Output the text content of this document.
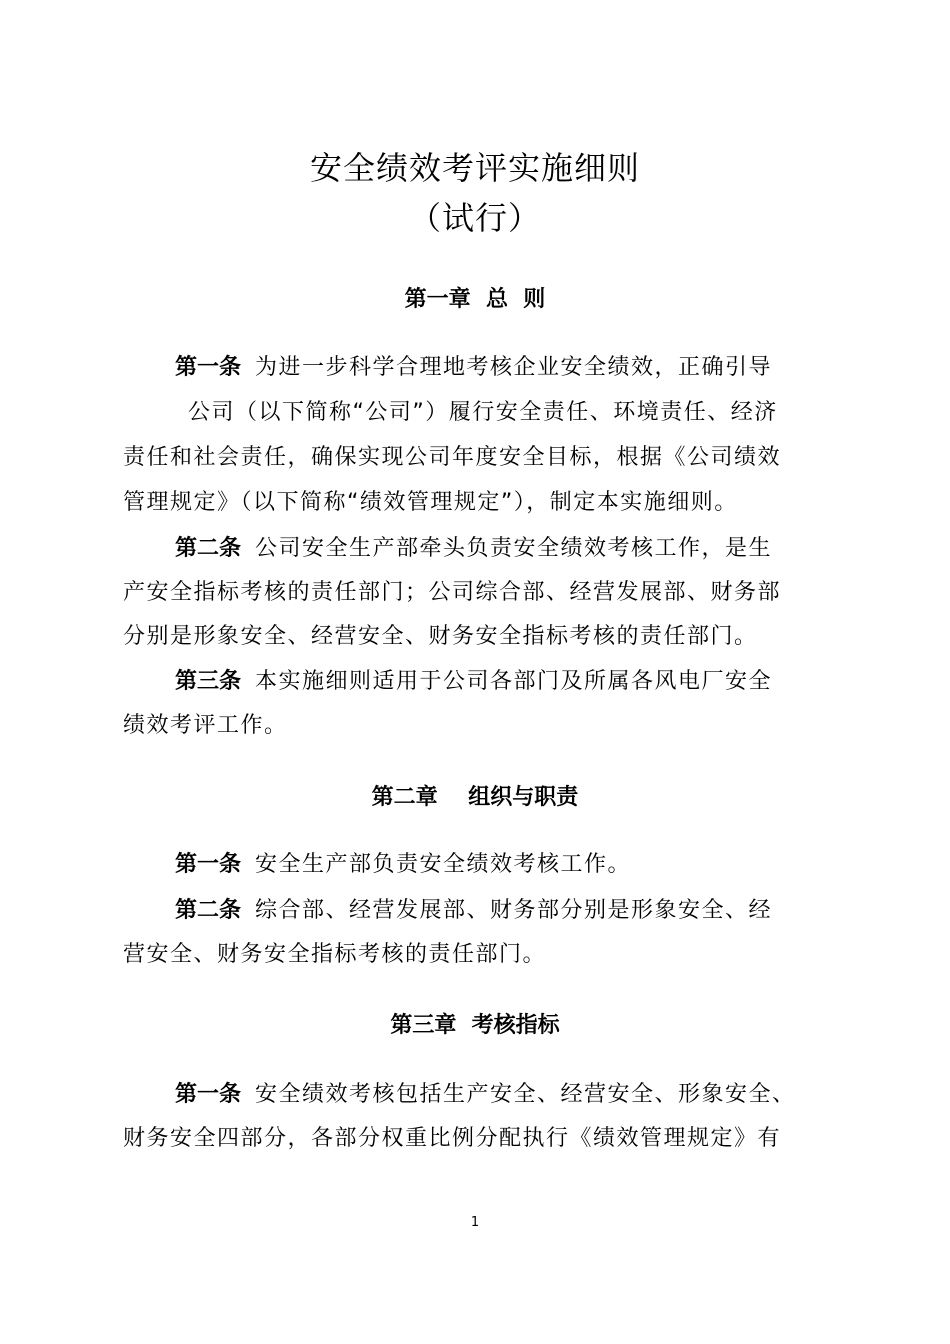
安全绩效考评实施细则
（试行）
第一章  总  则
第一条 为进一步科学合理地考核企业安全绩效，正确引导
公司（以下简称“公司”）履行安全责任、环境责任、经济
责任和社会责任，确保实现公司年度安全目标，根据《公司绩效
管理规定》（以下简称“绩效管理规定”），制定本实施细则。
第二条 公司安全生产部牵头负责安全绩效考核工作，是生
产安全指标考核的责任部门；公司综合部、经营发展部、财务部
分别是形象安全、经营安全、财务安全指标考核的责任部门。
第三条 本实施细则适用于公司各部门及所属各风电厂安全
绩效考评工作。
第二章    组织与职责
第一条 安全生产部负责安全绩效考核工作。
第二条 综合部、经营发展部、财务部分别是形象安全、经
营安全、财务安全指标考核的责任部门。
第三章  考核指标
第一条 安全绩效考核包括生产安全、经营安全、形象安全、
财务安全四部分，各部分权重比例分配执行《绩效管理规定》有
1
